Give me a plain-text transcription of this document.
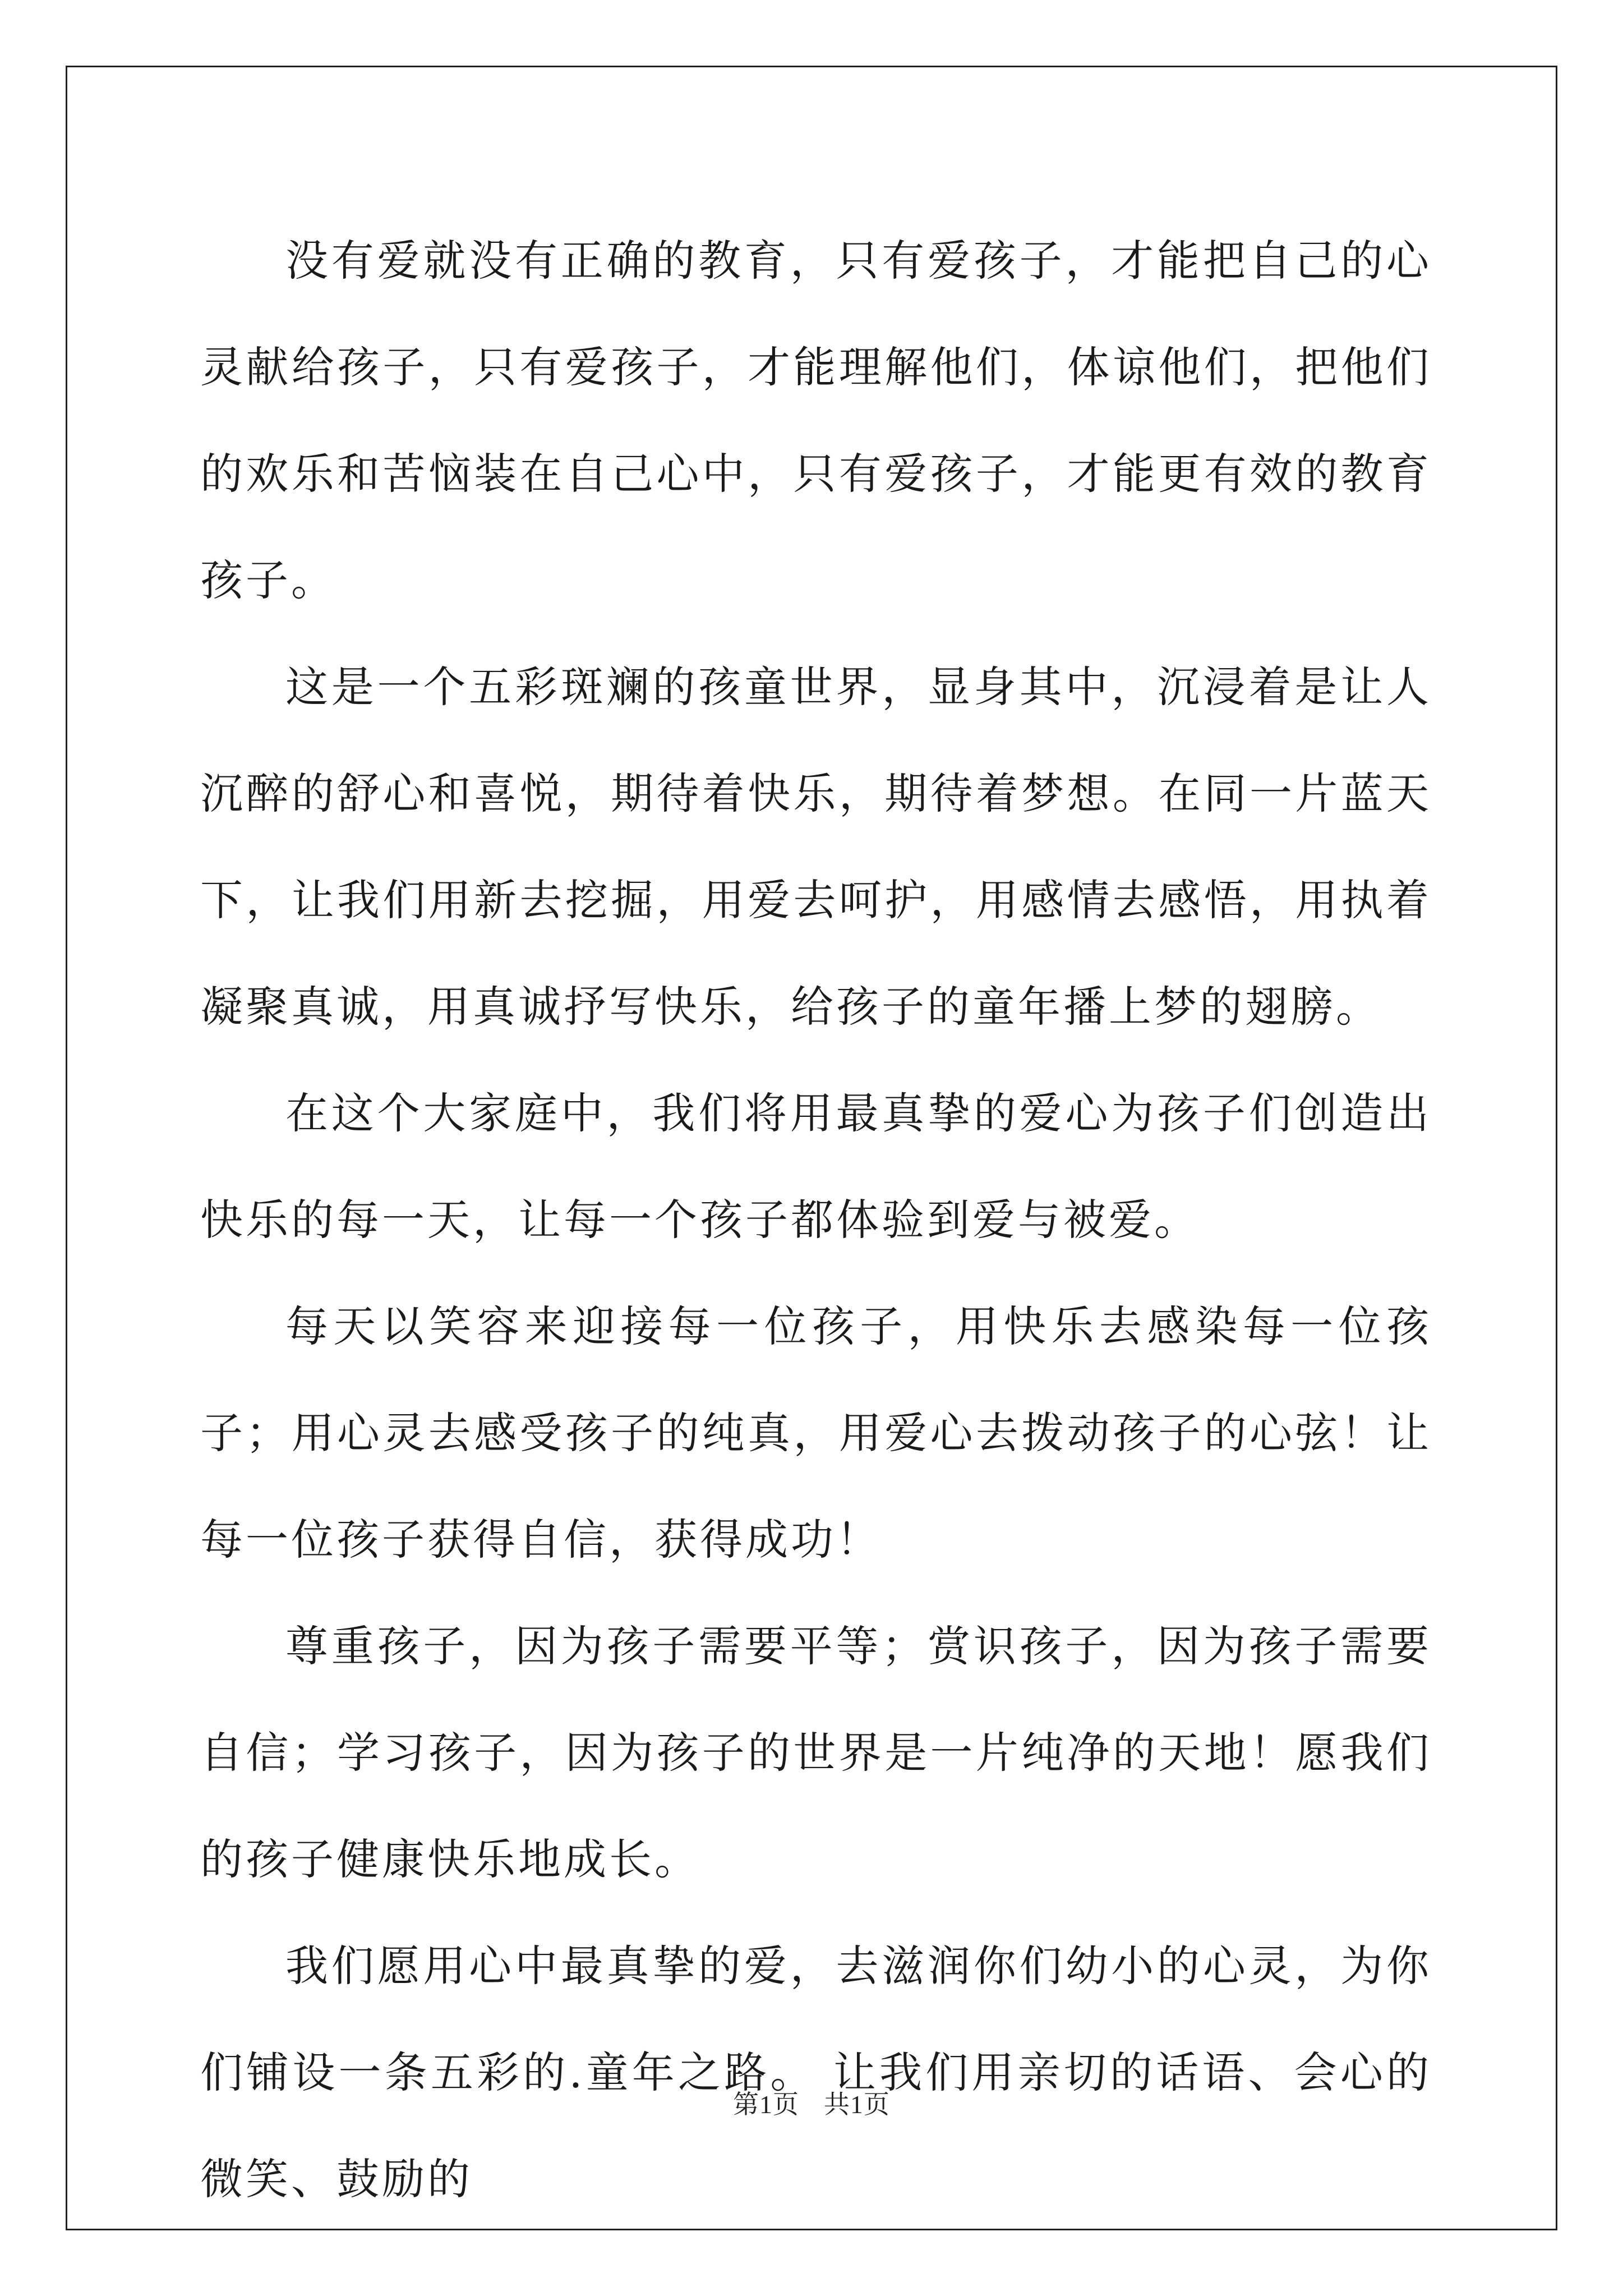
没有爱就没有正确的教育，只有爱孩子，才能把自己的心灵献给孩子，只有爱孩子，才能理解他们，体谅他们，把他们的欢乐和苦恼装在自己心中，只有爱孩子，才能更有效的教育孩子。

这是一个五彩斑斓的孩童世界，显身其中，沉浸着是让人沉醉的舒心和喜悦，期待着快乐，期待着梦想。在同一片蓝天下，让我们用新去挖掘，用爱去呵护，用感情去感悟，用执着凝聚真诚，用真诚抒写快乐，给孩子的童年播上梦的翅膀。

在这个大家庭中，我们将用最真挚的爱心为孩子们创造出快乐的每一天，让每一个孩子都体验到爱与被爱。

每天以笑容来迎接每一位孩子，用快乐去感染每一位孩子；用心灵去感受孩子的纯真，用爱心去拨动孩子的心弦！让每一位孩子获得自信，获得成功！

尊重孩子，因为孩子需要平等；赏识孩子，因为孩子需要自信；学习孩子，因为孩子的世界是一片纯净的天地！愿我们的孩子健康快乐地成长。

我们愿用心中最真挚的爱，去滋润你们幼小的心灵，为你们铺设一条五彩的.童年之路。 让我们用亲切的话语、会心的微笑、鼓励的

第1页 共1页
